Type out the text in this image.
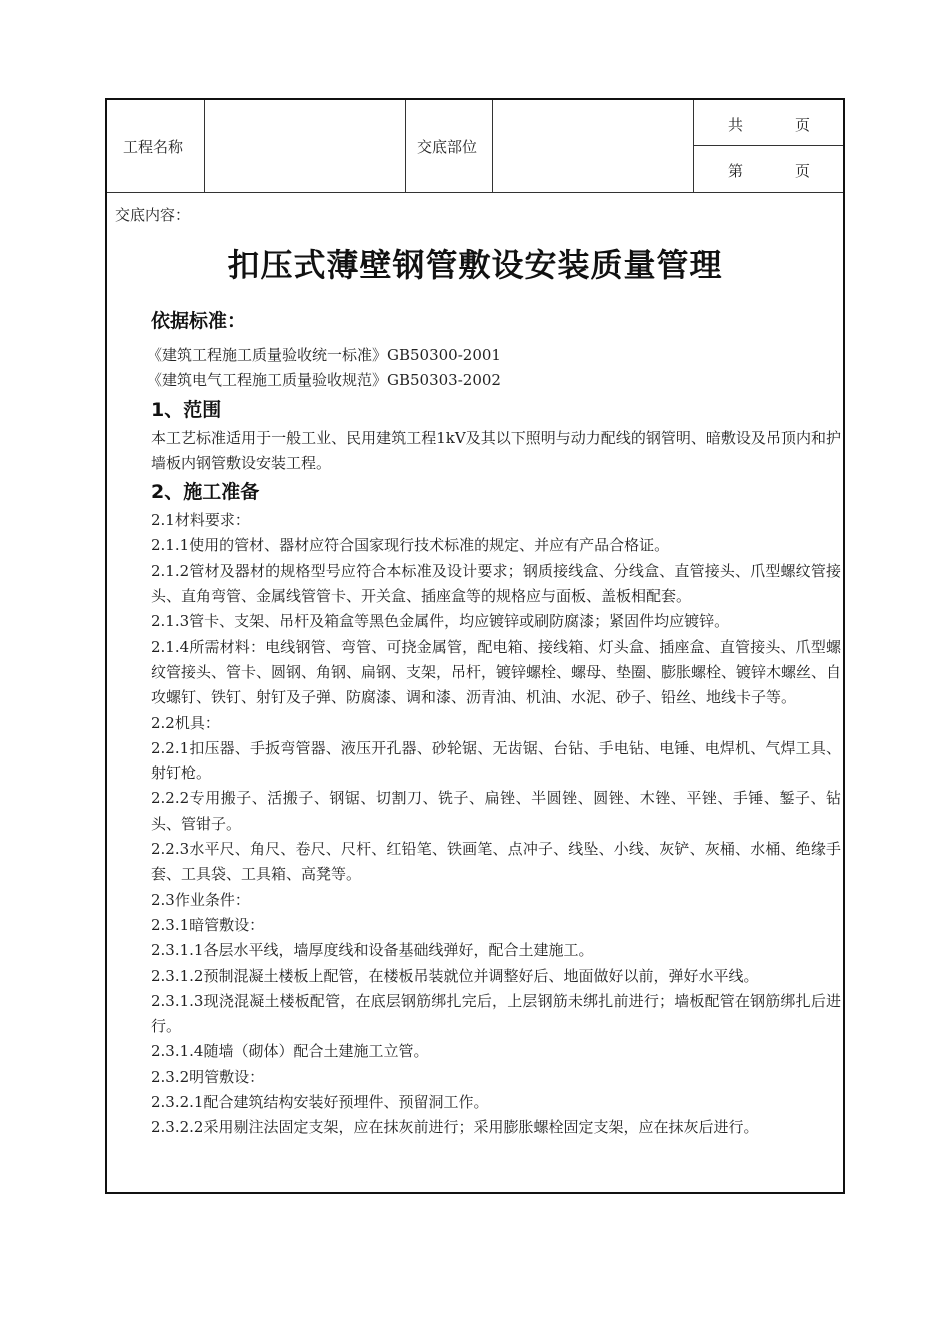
工程名称	交底部位
共	页
第	页
交底内容：
扣压式薄壁钢管敷设安装质量管理

依据标准：

《建筑工程施工质量验收统一标准》GB50300-2001

《建筑电气工程施工质量验收规范》GB50303-2002

1、范围

本工艺标准适用于一般工业、民用建筑工程1kV及其以下照明与动力配线的钢管明、暗敷设及吊顶内和护墙板内钢管敷设安装工程。

2、施工准备

2.1材料要求：

2.1.1使用的管材、器材应符合国家现行技术标准的规定、并应有产品合格证。

2.1.2管材及器材的规格型号应符合本标准及设计要求；钢质接线盒、分线盒、直管接头、爪型螺纹管接头、直角弯管、金属线管管卡、开关盒、插座盒等的规格应与面板、盖板相配套。

2.1.3管卡、支架、吊杆及箱盒等黑色金属件，均应镀锌或刷防腐漆；紧固件均应镀锌。

2.1.4所需材料：电线钢管、弯管、可挠金属管，配电箱、接线箱、灯头盒、插座盒、直管接头、爪型螺纹管接头、管卡、圆钢、角钢、扁钢、支架，吊杆，镀锌螺栓、螺母、垫圈、膨胀螺栓、镀锌木螺丝、自攻螺钉、铁钉、射钉及子弹、防腐漆、调和漆、沥青油、机油、水泥、砂子、铅丝、地线卡子等。

2.2机具：

2.2.1扣压器、手扳弯管器、液压开孔器、砂轮锯、无齿锯、台钻、手电钻、电锤、电焊机、气焊工具、射钉枪。

2.2.2专用搬子、活搬子、钢锯、切割刀、铣子、扁锉、半圆锉、圆锉、木锉、平锉、手锤、錾子、钻头、管钳子。

2.2.3水平尺、角尺、卷尺、尺杆、红铅笔、铁画笔、点冲子、线坠、小线、灰铲、灰桶、水桶、绝缘手套、工具袋、工具箱、高凳等。

2.3作业条件：

2.3.1暗管敷设：

2.3.1.1各层水平线，墙厚度线和设备基础线弹好，配合土建施工。

2.3.1.2预制混凝土楼板上配管，在楼板吊装就位并调整好后、地面做好以前，弹好水平线。

2.3.1.3现浇混凝土楼板配管，在底层钢筋绑扎完后，上层钢筋未绑扎前进行；墙板配管在钢筋绑扎后进行。

2.3.1.4随墙（砌体）配合土建施工立管。

2.3.2明管敷设：

2.3.2.1配合建筑结构安装好预埋件、预留洞工作。

2.3.2.2采用剔注法固定支架，应在抹灰前进行；采用膨胀螺栓固定支架，应在抹灰后进行。
